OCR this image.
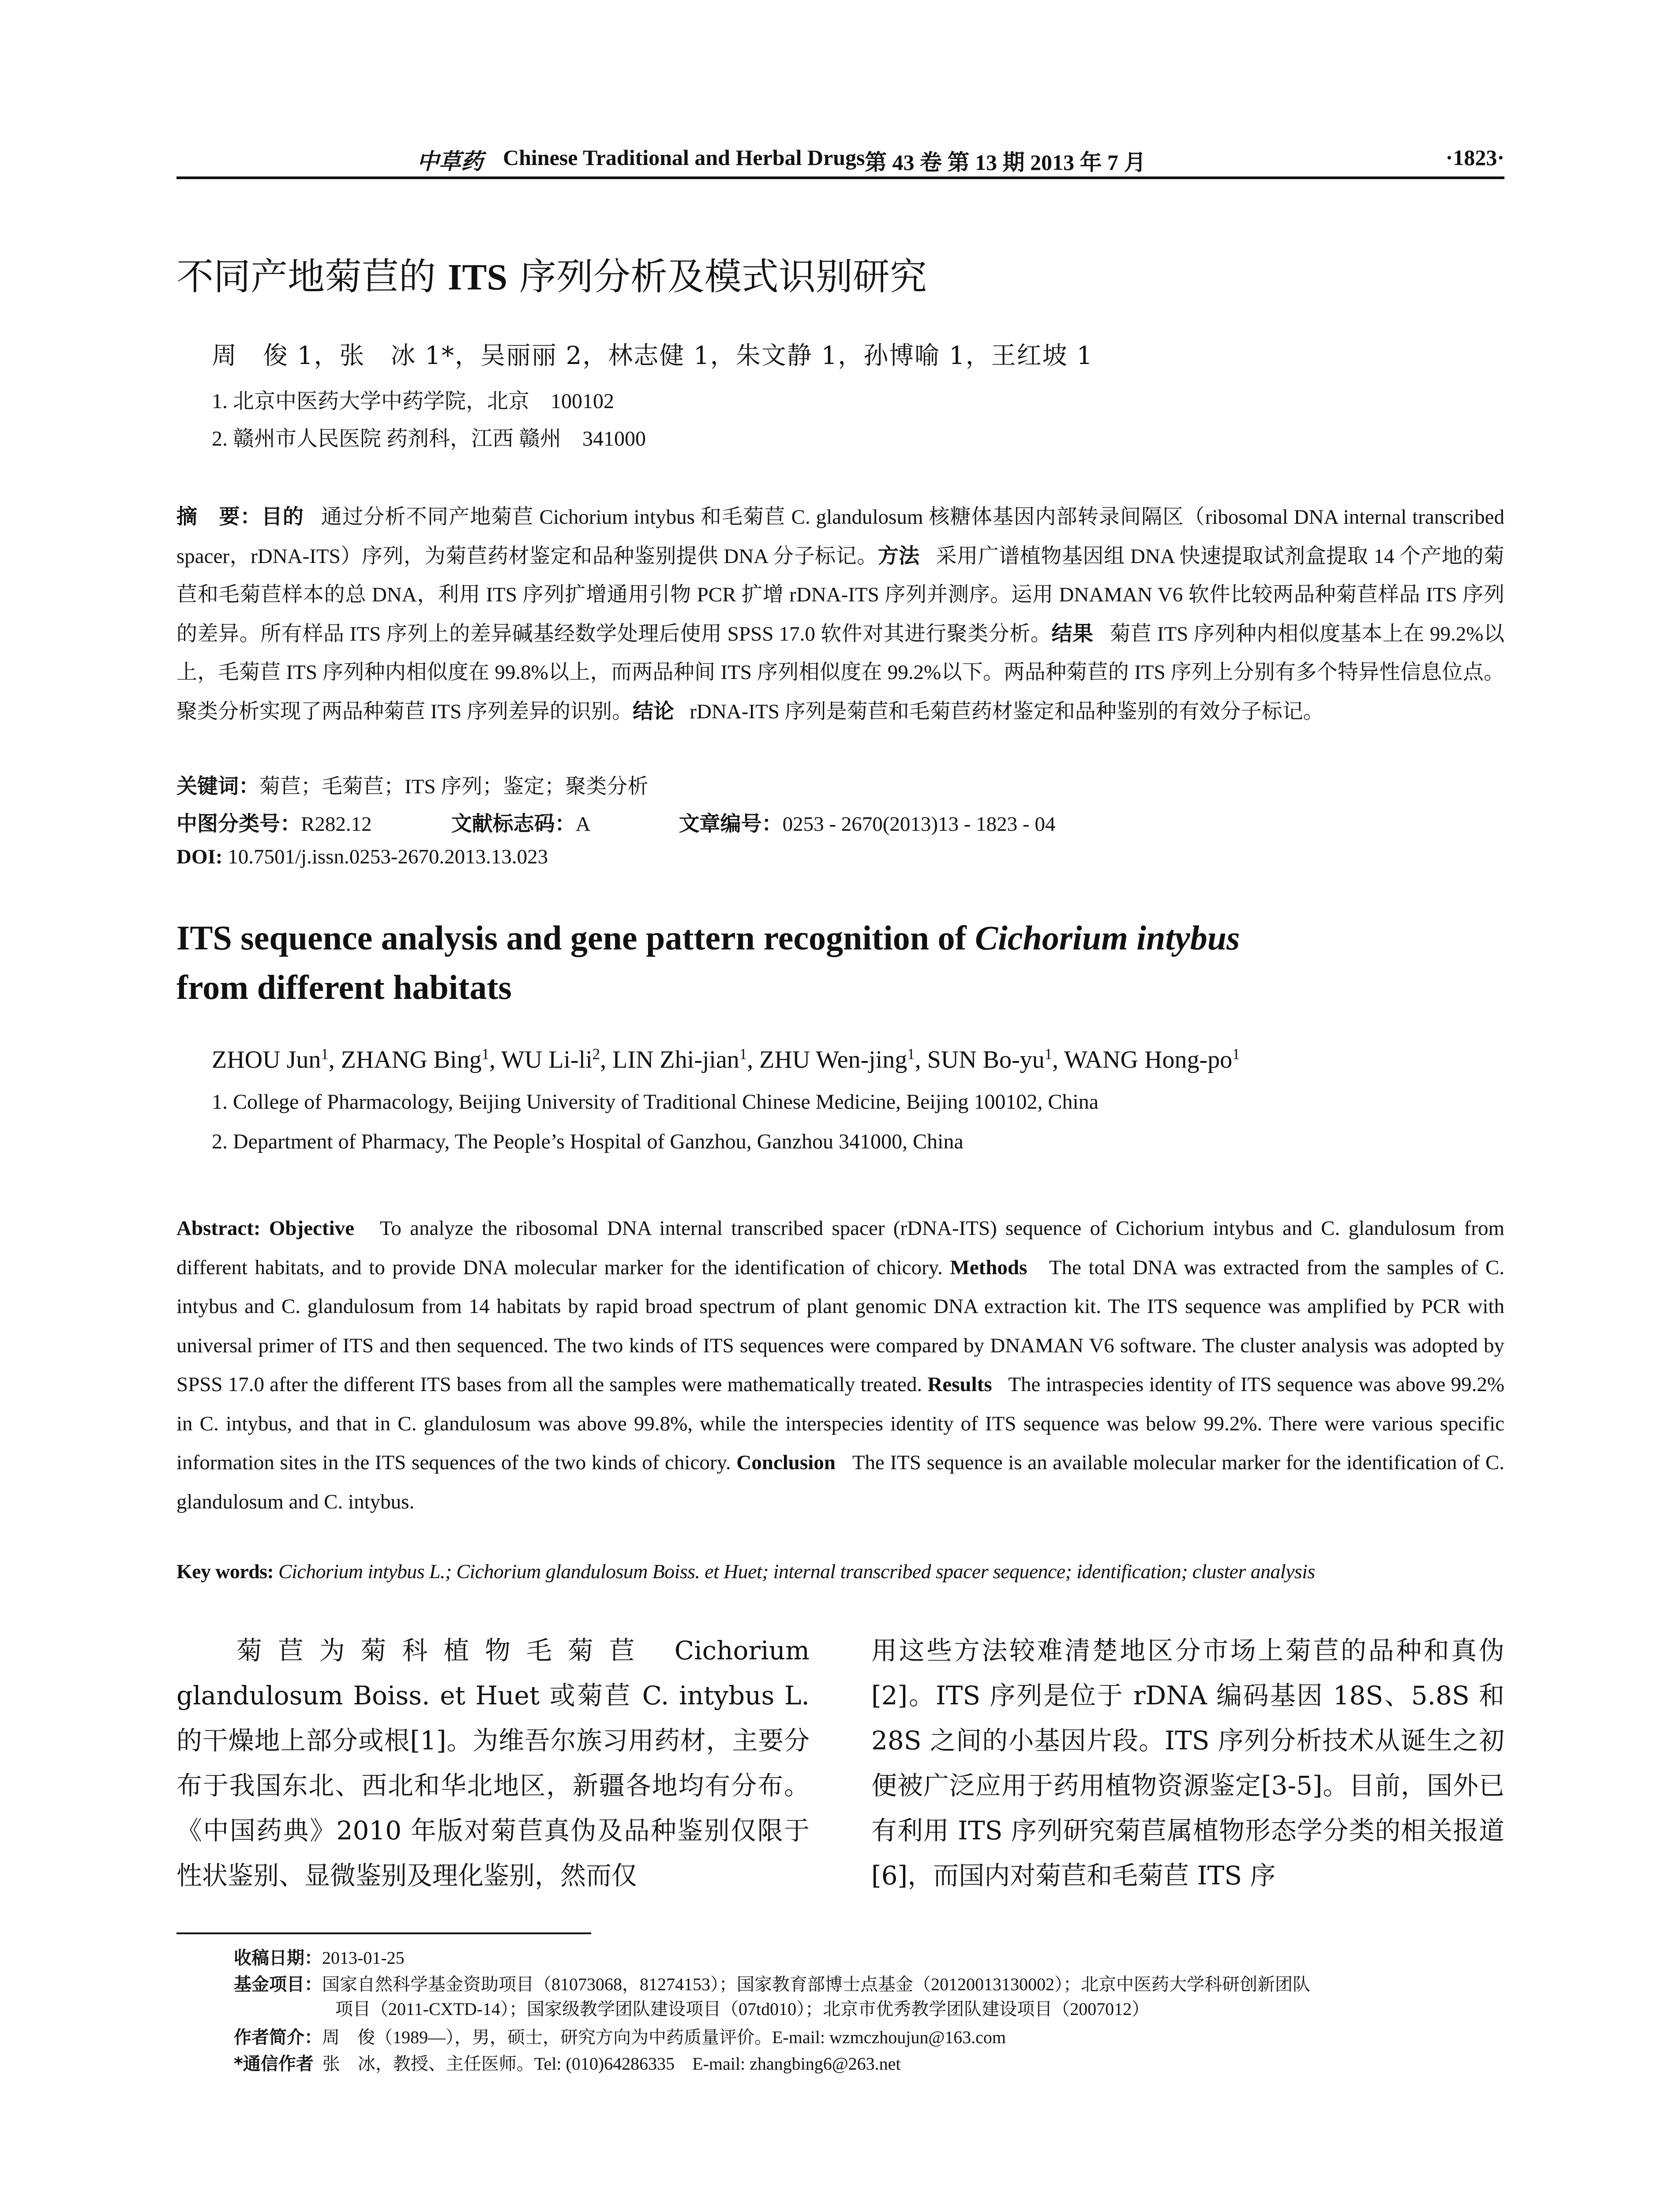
中草药 Chinese Traditional and Herbal Drugs 第 43 卷 第 13 期 2013 年 7 月	·1823·
不同产地菊苣的 ITS 序列分析及模式识别研究
周　俊 1，张　冰 1*，吴丽丽 2，林志健 1，朱文静 1，孙博喻 1，王红坡 1
1. 北京中医药大学中药学院，北京　100102
2. 赣州市人民医院 药剂科，江西 赣州　341000
摘　要：目的 通过分析不同产地菊苣 Cichorium intybus 和毛菊苣 C. glandulosum 核糖体基因内部转录间隔区（ribosomal DNA internal transcribed spacer，rDNA-ITS）序列，为菊苣药材鉴定和品种鉴别提供 DNA 分子标记。方法 采用广谱植物基因组 DNA 快速提取试剂盒提取 14 个产地的菊苣和毛菊苣样本的总 DNA，利用 ITS 序列扩增通用引物 PCR 扩增 rDNA-ITS 序列并测序。运用 DNAMAN V6 软件比较两品种菊苣样品 ITS 序列的差异。所有样品 ITS 序列上的差异碱基经数学处理后使用 SPSS 17.0 软件对其进行聚类分析。结果 菊苣 ITS 序列种内相似度基本上在 99.2%以上，毛菊苣 ITS 序列种内相似度在 99.8%以上，而两品种间 ITS 序列相似度在 99.2%以下。两品种菊苣的 ITS 序列上分别有多个特异性信息位点。聚类分析实现了两品种菊苣 ITS 序列差异的识别。结论 rDNA-ITS 序列是菊苣和毛菊苣药材鉴定和品种鉴别的有效分子标记。
关键词：菊苣；毛菊苣；ITS 序列；鉴定；聚类分析
中图分类号：R282.12	文献标志码：A	文章编号：0253 - 2670(2013)13 - 1823 - 04
DOI: 10.7501/j.issn.0253-2670.2013.13.023
ITS sequence analysis and gene pattern recognition of Cichorium intybus
from different habitats
ZHOU Jun$^1$, ZHANG Bing$^1$, WU $Li-li^2$, LIN Zhi-jian$^1$, ZHU Wen-jing$^1$, SUN $Bo-yu^1$, WANG Hong-$po^1$
1. College of Pharmacology, Beijing University of Traditional Chinese Medicine, Beijing 100102, China
2. Department of Pharmacy, The People’s Hospital of Ganzhou, Ganzhou 341000, China
Abstract: Objective To analyze the ribosomal DNA internal transcribed spacer (rDNA-ITS) sequence of Cichorium intybus and C. glandulosum from different habitats, and to provide DNA molecular marker for the identification of chicory. Methods The total DNA was extracted from the samples of C. intybus and C. glandulosum from 14 habitats by rapid broad spectrum of plant genomic DNA extraction kit. The ITS sequence was amplified by PCR with universal primer of ITS and then sequenced. The two kinds of ITS sequences were compared by DNAMAN V6 software. The cluster analysis was adopted by SPSS 17.0 after the different ITS bases from all the samples were mathematically treated. Results The intraspecies identity of ITS sequence was above 99.2% in C. intybus, and that in C. glandulosum was above 99.8%, while the interspecies identity of ITS sequence was below 99.2%. There were various specific information sites in the ITS sequences of the two kinds of chicory. Conclusion The ITS sequence is an available molecular marker for the identification of C. glandulosum and C. intybus.
Key words: Cichorium intybus L.; Cichorium glandulosum Boiss. et Huet; internal transcribed spacer sequence; identification; cluster analysis
菊苣为菊科植物毛菊苣 Cichorium glandulosum Boiss. et Huet 或菊苣 C. intybus L. 的干燥地上部分或根[1]。为维吾尔族习用药材，主要分布于我国东北、西北和华北地区，新疆各地均有分布。《中国药典》2010 年版对菊苣真伪及品种鉴别仅限于性状鉴别、显微鉴别及理化鉴别，然而仅
用这些方法较难清楚地区分市场上菊苣的品种和真伪[2]。ITS 序列是位于 rDNA 编码基因 18S、5.8S 和 28S 之间的小基因片段。ITS 序列分析技术从诞生之初便被广泛应用于药用植物资源鉴定[3-5]。目前，国外已有利用 ITS 序列研究菊苣属植物形态学分类的相关报道[6]，而国内对菊苣和毛菊苣 ITS 序
收稿日期：2013-01-25
基金项目：国家自然科学基金资助项目（81073068，81274153）；国家教育部博士点基金（20120013130002）；北京中医药大学科研创新团队
项目（2011-CXTD-14）；国家级教学团队建设项目（07td010）；北京市优秀教学团队建设项目（2007012）
作者简介：周　俊（1989—），男，硕士，研究方向为中药质量评价。E-mail: wzmczhoujun@163.com
*通信作者 张　冰，教授、主任医师。Tel: (010)64286335　E-mail: zhangbing6@263.net
